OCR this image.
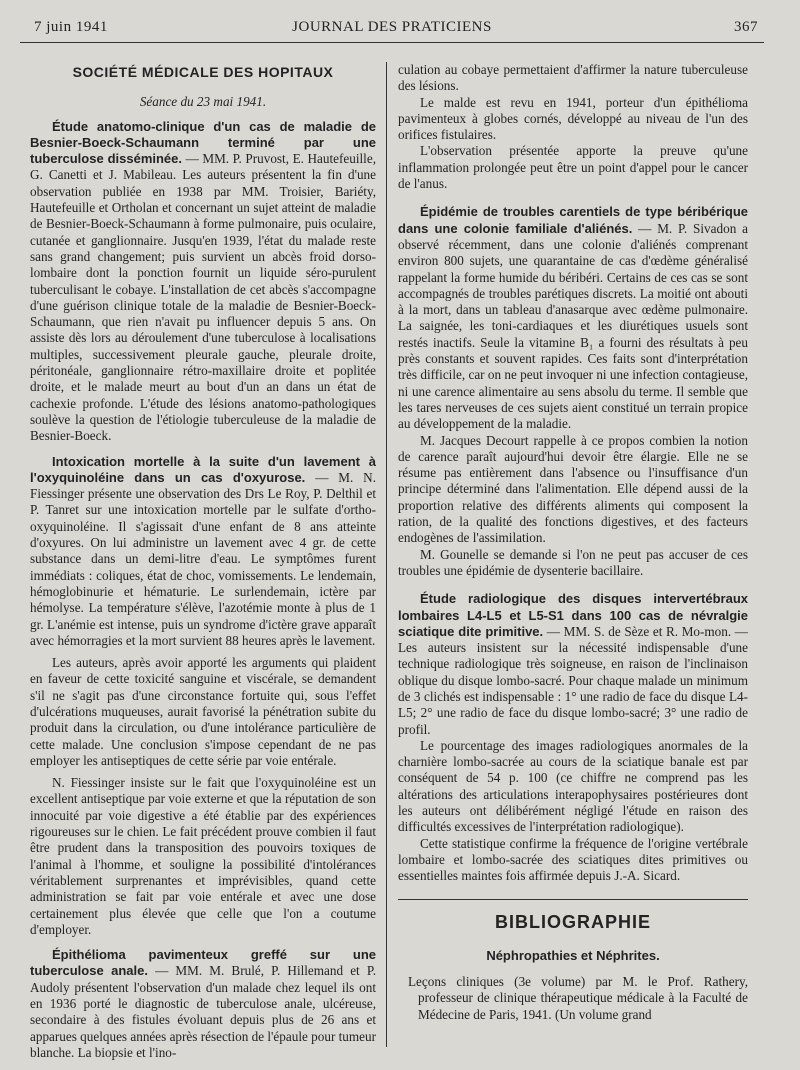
7 juin 1941	JOURNAL DES PRATICIENS	367
SOCIÉTÉ MÉDICALE DES HOPITAUX
Séance du 23 mai 1941.

Étude anatomo-clinique d'un cas de maladie de Besnier-Boeck-Schaumann terminé par une tuberculose disséminée. — MM. P. Pruvost, E. Hautefeuille, G. Canetti et J. Mabileau. Les auteurs présentent la fin d'une observation publiée en 1938 par MM. Troisier, Bariéty, Hautefeuille et Ortholan et concernant un sujet atteint de maladie de Besnier-Boeck-Schaumann à forme pulmonaire, puis oculaire, cutanée et ganglionnaire. Jusqu'en 1939, l'état du malade reste sans grand changement; puis survient un abcès froid dorso-lombaire dont la ponction fournit un liquide séro-purulent tuberculisant le cobaye. L'installation de cet abcès s'accompagne d'une guérison clinique totale de la maladie de Besnier-Boeck-Schaumann, que rien n'avait pu influencer depuis 5 ans. On assiste dès lors au déroulement d'une tuberculose à localisations multiples, successivement pleurale gauche, pleurale droite, péritonéale, ganglionnaire rétro-maxillaire droite et poplitée droite, et le malade meurt au bout d'un an dans un état de cachexie profonde. L'étude des lésions anatomo-pathologiques soulève la question de l'étiologie tuberculeuse de la maladie de Besnier-Boeck.

Intoxication mortelle à la suite d'un lavement à l'oxyquinoléine dans un cas d'oxyurose. — M. N. Fiessinger présente une observation des Drs Le Roy, P. Delthil et P. Tanret sur une intoxication mortelle par le sulfate d'ortho-oxyquinoléine. Il s'agissait d'une enfant de 8 ans atteinte d'oxyures. On lui administre un lavement avec 4 gr. de cette substance dans un demi-litre d'eau. Le symptômes furent immédiats : coliques, état de choc, vomissements. Le lendemain, hémoglobinurie et hématurie. Le surlendemain, ictère par hémolyse. La température s'élève, l'azotémie monte à plus de 1 gr. L'anémie est intense, puis un syndrome d'ictère grave apparaît avec hémorragies et la mort survient 88 heures après le lavement.

Les auteurs, après avoir apporté les arguments qui plaident en faveur de cette toxicité sanguine et viscérale, se demandent s'il ne s'agit pas d'une circonstance fortuite qui, sous l'effet d'ulcérations muqueuses, aurait favorisé la pénétration subite du produit dans la circulation, ou d'une intolérance particulière de cette malade. Une conclusion s'impose cependant de ne pas employer les antiseptiques de cette série par voie entérale.

N. Fiessinger insiste sur le fait que l'oxyquinoléine est un excellent antiseptique par voie externe et que la réputation de son innocuité par voie digestive a été établie par des expériences rigoureuses sur le chien. Le fait précédent prouve combien il faut être prudent dans la transposition des pouvoirs toxiques de l'animal à l'homme, et souligne la possibilité d'intolérances véritablement surprenantes et imprévisibles, quand cette administration se fait par voie entérale et avec une dose certainement plus élevée que celle que l'on a coutume d'employer.

Épithélioma pavimenteux greffé sur une tuberculose anale. — MM. M. Brulé, P. Hillemand et P. Audoly présentent l'observation d'un malade chez lequel ils ont en 1936 porté le diagnostic de tuberculose anale, ulcéreuse, secondaire à des fistules évoluant depuis plus de 26 ans et apparues quelques années après résection de l'épaule pour tumeur blanche. La biopsie et l'ino-

culation au cobaye permettaient d'affirmer la nature tuberculeuse des lésions.

Le malde est revu en 1941, porteur d'un épithélioma pavimenteux à globes cornés, développé au niveau de l'un des orifices fistulaires.

L'observation présentée apporte la preuve qu'une inflammation prolongée peut être un point d'appel pour le cancer de l'anus.

Épidémie de troubles carentiels de type béribérique dans une colonie familiale d'aliénés. — M. P. Sivadon a observé récemment, dans une colonie d'aliénés comprenant environ 800 sujets, une quarantaine de cas d'œdème généralisé rappelant la forme humide du béribéri. Certains de ces cas se sont accompagnés de troubles parétiques discrets. La moitié ont abouti à la mort, dans un tableau d'anasarque avec œdème pulmonaire. La saignée, les toni-cardiaques et les diurétiques usuels sont restés inactifs. Seule la vitamine B₁ a fourni des résultats à peu près constants et souvent rapides. Ces faits sont d'interprétation très difficile, car on ne peut invoquer ni une infection contagieuse, ni une carence alimentaire au sens absolu du terme. Il semble que les tares nerveuses de ces sujets aient constitué un terrain propice au développement de la maladie.

M. Jacques Decourt rappelle à ce propos combien la notion de carence paraît aujourd'hui devoir être élargie. Elle ne se résume pas entièrement dans l'absence ou l'insuffisance d'un principe déterminé dans l'alimentation. Elle dépend aussi de la proportion relative des différents aliments qui composent la ration, de la qualité des fonctions digestives, et des facteurs endogènes de l'assimilation.

M. Gounelle se demande si l'on ne peut pas accuser de ces troubles une épidémie de dysenterie bacillaire.

Étude radiologique des disques intervertébraux lombaires L4-L5 et L5-S1 dans 100 cas de névralgie sciatique dite primitive. — MM. S. de Sèze et R. Mo-mon. — Les auteurs insistent sur la nécessité indispensable d'une technique radiologique très soigneuse, en raison de l'inclinaison oblique du disque lombo-sacré. Pour chaque malade un minimum de 3 clichés est indispensable : 1° une radio de face du disque L4-L5; 2° une radio de face du disque lombo-sacré; 3° une radio de profil.

Le pourcentage des images radiologiques anormales de la charnière lombo-sacrée au cours de la sciatique banale est par conséquent de 54 p. 100 (ce chiffre ne comprend pas les altérations des articulations interapophysaires postérieures dont les auteurs ont délibérément négligé l'étude en raison des difficultés excessives de l'interprétation radiologique).

Cette statistique confirme la fréquence de l'origine vertébrale lombaire et lombo-sacrée des sciatiques dites primitives ou essentielles maintes fois affirmée depuis J.-A. Sicard.

BIBLIOGRAPHIE
Néphropathies et Néphrites.

Leçons cliniques (3e volume) par M. le Prof. Rathery, professeur de clinique thérapeutique médicale à la Faculté de Médecine de Paris, 1941. (Un volume grand
